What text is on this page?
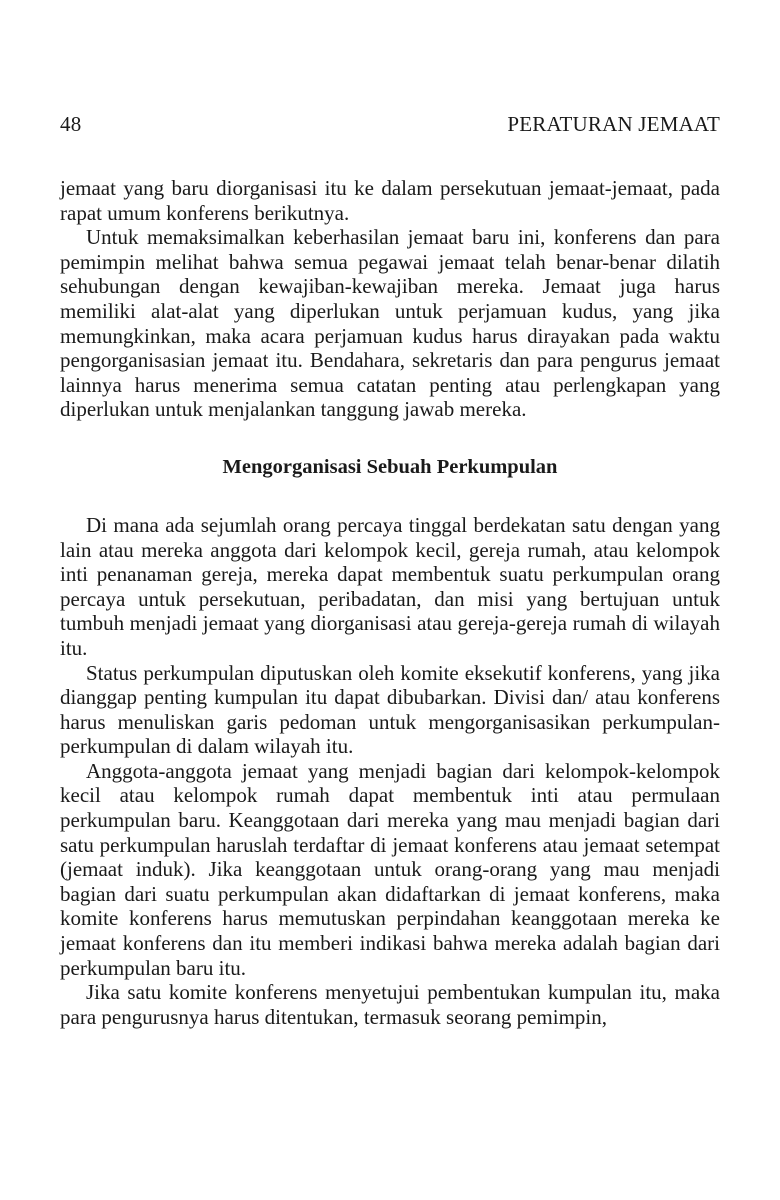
48	PERATURAN JEMAAT

jemaat yang baru diorganisasi itu ke dalam persekutuan jemaat-jemaat, pada rapat umum konferens berikutnya.

Untuk memaksimalkan keberhasilan jemaat baru ini, konferens dan para pemimpin melihat bahwa semua pegawai jemaat telah benar-benar dilatih sehubungan dengan kewajiban-kewajiban mereka. Jemaat juga harus memiliki alat-alat yang diperlukan untuk perjamuan kudus, yang jika memungkinkan, maka acara perjamuan kudus harus dirayakan pada waktu pengorganisasian jemaat itu. Bendahara, sekretaris dan para pengurus jemaat lainnya harus menerima semua catatan penting atau perlengkapan yang diperlukan untuk menjalankan tanggung jawab mereka.

Mengorganisasi Sebuah Perkumpulan

Di mana ada sejumlah orang percaya tinggal berdekatan satu dengan yang lain atau mereka anggota dari kelompok kecil, gereja rumah, atau kelompok inti penanaman gereja, mereka dapat membentuk suatu perkumpulan orang percaya untuk persekutuan, peribadatan, dan misi yang bertujuan untuk tumbuh menjadi jemaat yang diorganisasi atau gereja-gereja rumah di wilayah itu.

Status perkumpulan diputuskan oleh komite eksekutif konferens, yang jika dianggap penting kumpulan itu dapat dibubarkan. Divisi dan/ atau konferens harus menuliskan garis pedoman untuk mengorganisasikan perkumpulan-perkumpulan di dalam wilayah itu.

Anggota-anggota jemaat yang menjadi bagian dari kelompok-kelompok kecil atau kelompok rumah dapat membentuk inti atau permulaan perkumpulan baru. Keanggotaan dari mereka yang mau menjadi bagian dari satu perkumpulan haruslah terdaftar di jemaat konferens atau jemaat setempat (jemaat induk). Jika keanggotaan untuk orang-orang yang mau menjadi bagian dari suatu perkumpulan akan didaftarkan di jemaat konferens, maka komite konferens harus memutuskan perpindahan keanggotaan mereka ke jemaat konferens dan itu memberi indikasi bahwa mereka adalah bagian dari perkumpulan baru itu.

Jika satu komite konferens menyetujui pembentukan kumpulan itu, maka para pengurusnya harus ditentukan, termasuk seorang pemimpin,
